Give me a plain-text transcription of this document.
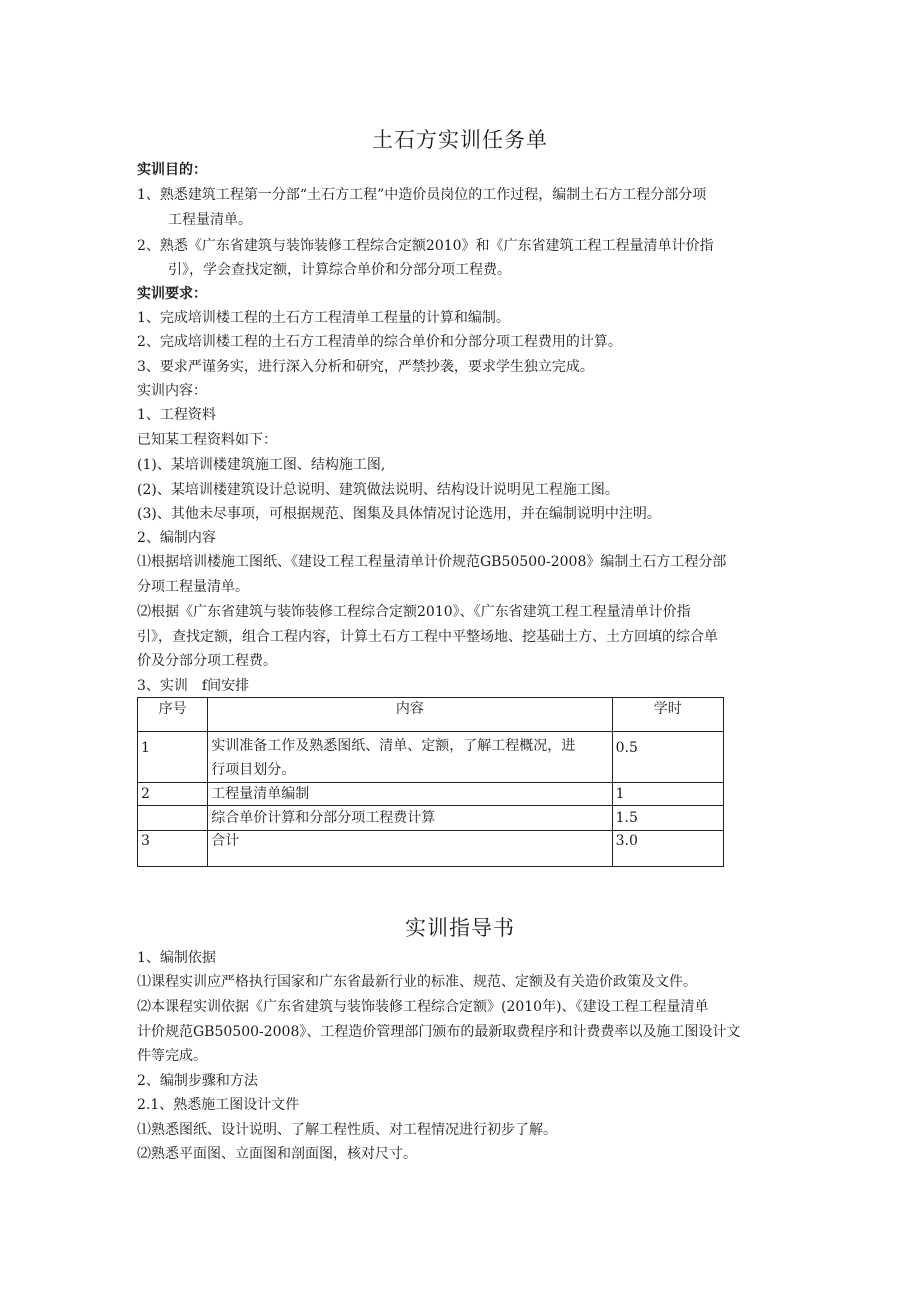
土石方实训任务单
实训目的：
1、熟悉建筑工程第一分部“土石方工程”中造价员岗位的工作过程，编制土石方工程分部分项
工程量清单。
2、熟悉《广东省建筑与装饰装修工程综合定额2010》和《广东省建筑工程工程量清单计价指
引》，学会查找定额，计算综合单价和分部分项工程费。
实训要求：
1、完成培训楼工程的土石方工程清单工程量的计算和编制。
2、完成培训楼工程的土石方工程清单的综合单价和分部分项工程费用的计算。
3、要求严谨务实，进行深入分析和研究，严禁抄袭，要求学生独立完成。
实训内容：
1、工程资料
已知某工程资料如下：
(1)、某培训楼建筑施工图、结构施工图,
(2)、某培训楼建筑设计总说明、建筑做法说明、结构设计说明见工程施工图。
(3)、其他未尽事项，可根据规范、图集及具体情况讨论选用，并在编制说明中注明。
2、编制内容
⑴根据培训楼施工图纸、《建设工程工程量清单计价规范GB50500-2008》编制土石方工程分部
分项工程量清单。
⑵根据《广东省建筑与装饰装修工程综合定额2010》、《广东省建筑工程工程量清单计价指
引》，查找定额，组合工程内容，计算土石方工程中平整场地、挖基础土方、土方回填的综合单
价及分部分项工程费。
3、实训　f间安排
序号	内容	学时
1	实训准备工作及熟悉图纸、清单、定额，了解工程概况，进
行项目划分。	0.5
2	工程量清单编制	1
	综合单价计算和分部分项工程费计算	1.5
3	合计	3.0
实训指导书
1、编制依据
⑴课程实训应严格执行国家和广东省最新行业的标准、规范、定额及有关造价政策及文件。
⑵本课程实训依据《广东省建筑与装饰装修工程综合定额》(2010年)、《建设工程工程量清单
计价规范GB50500-2008》、工程造价管理部门颁布的最新取费程序和计费费率以及施工图设计文
件等完成。
2、编制步骤和方法
2.1、熟悉施工图设计文件
⑴熟悉图纸、设计说明、了解工程性质、对工程情况进行初步了解。
⑵熟悉平面图、立面图和剖面图，核对尺寸。
